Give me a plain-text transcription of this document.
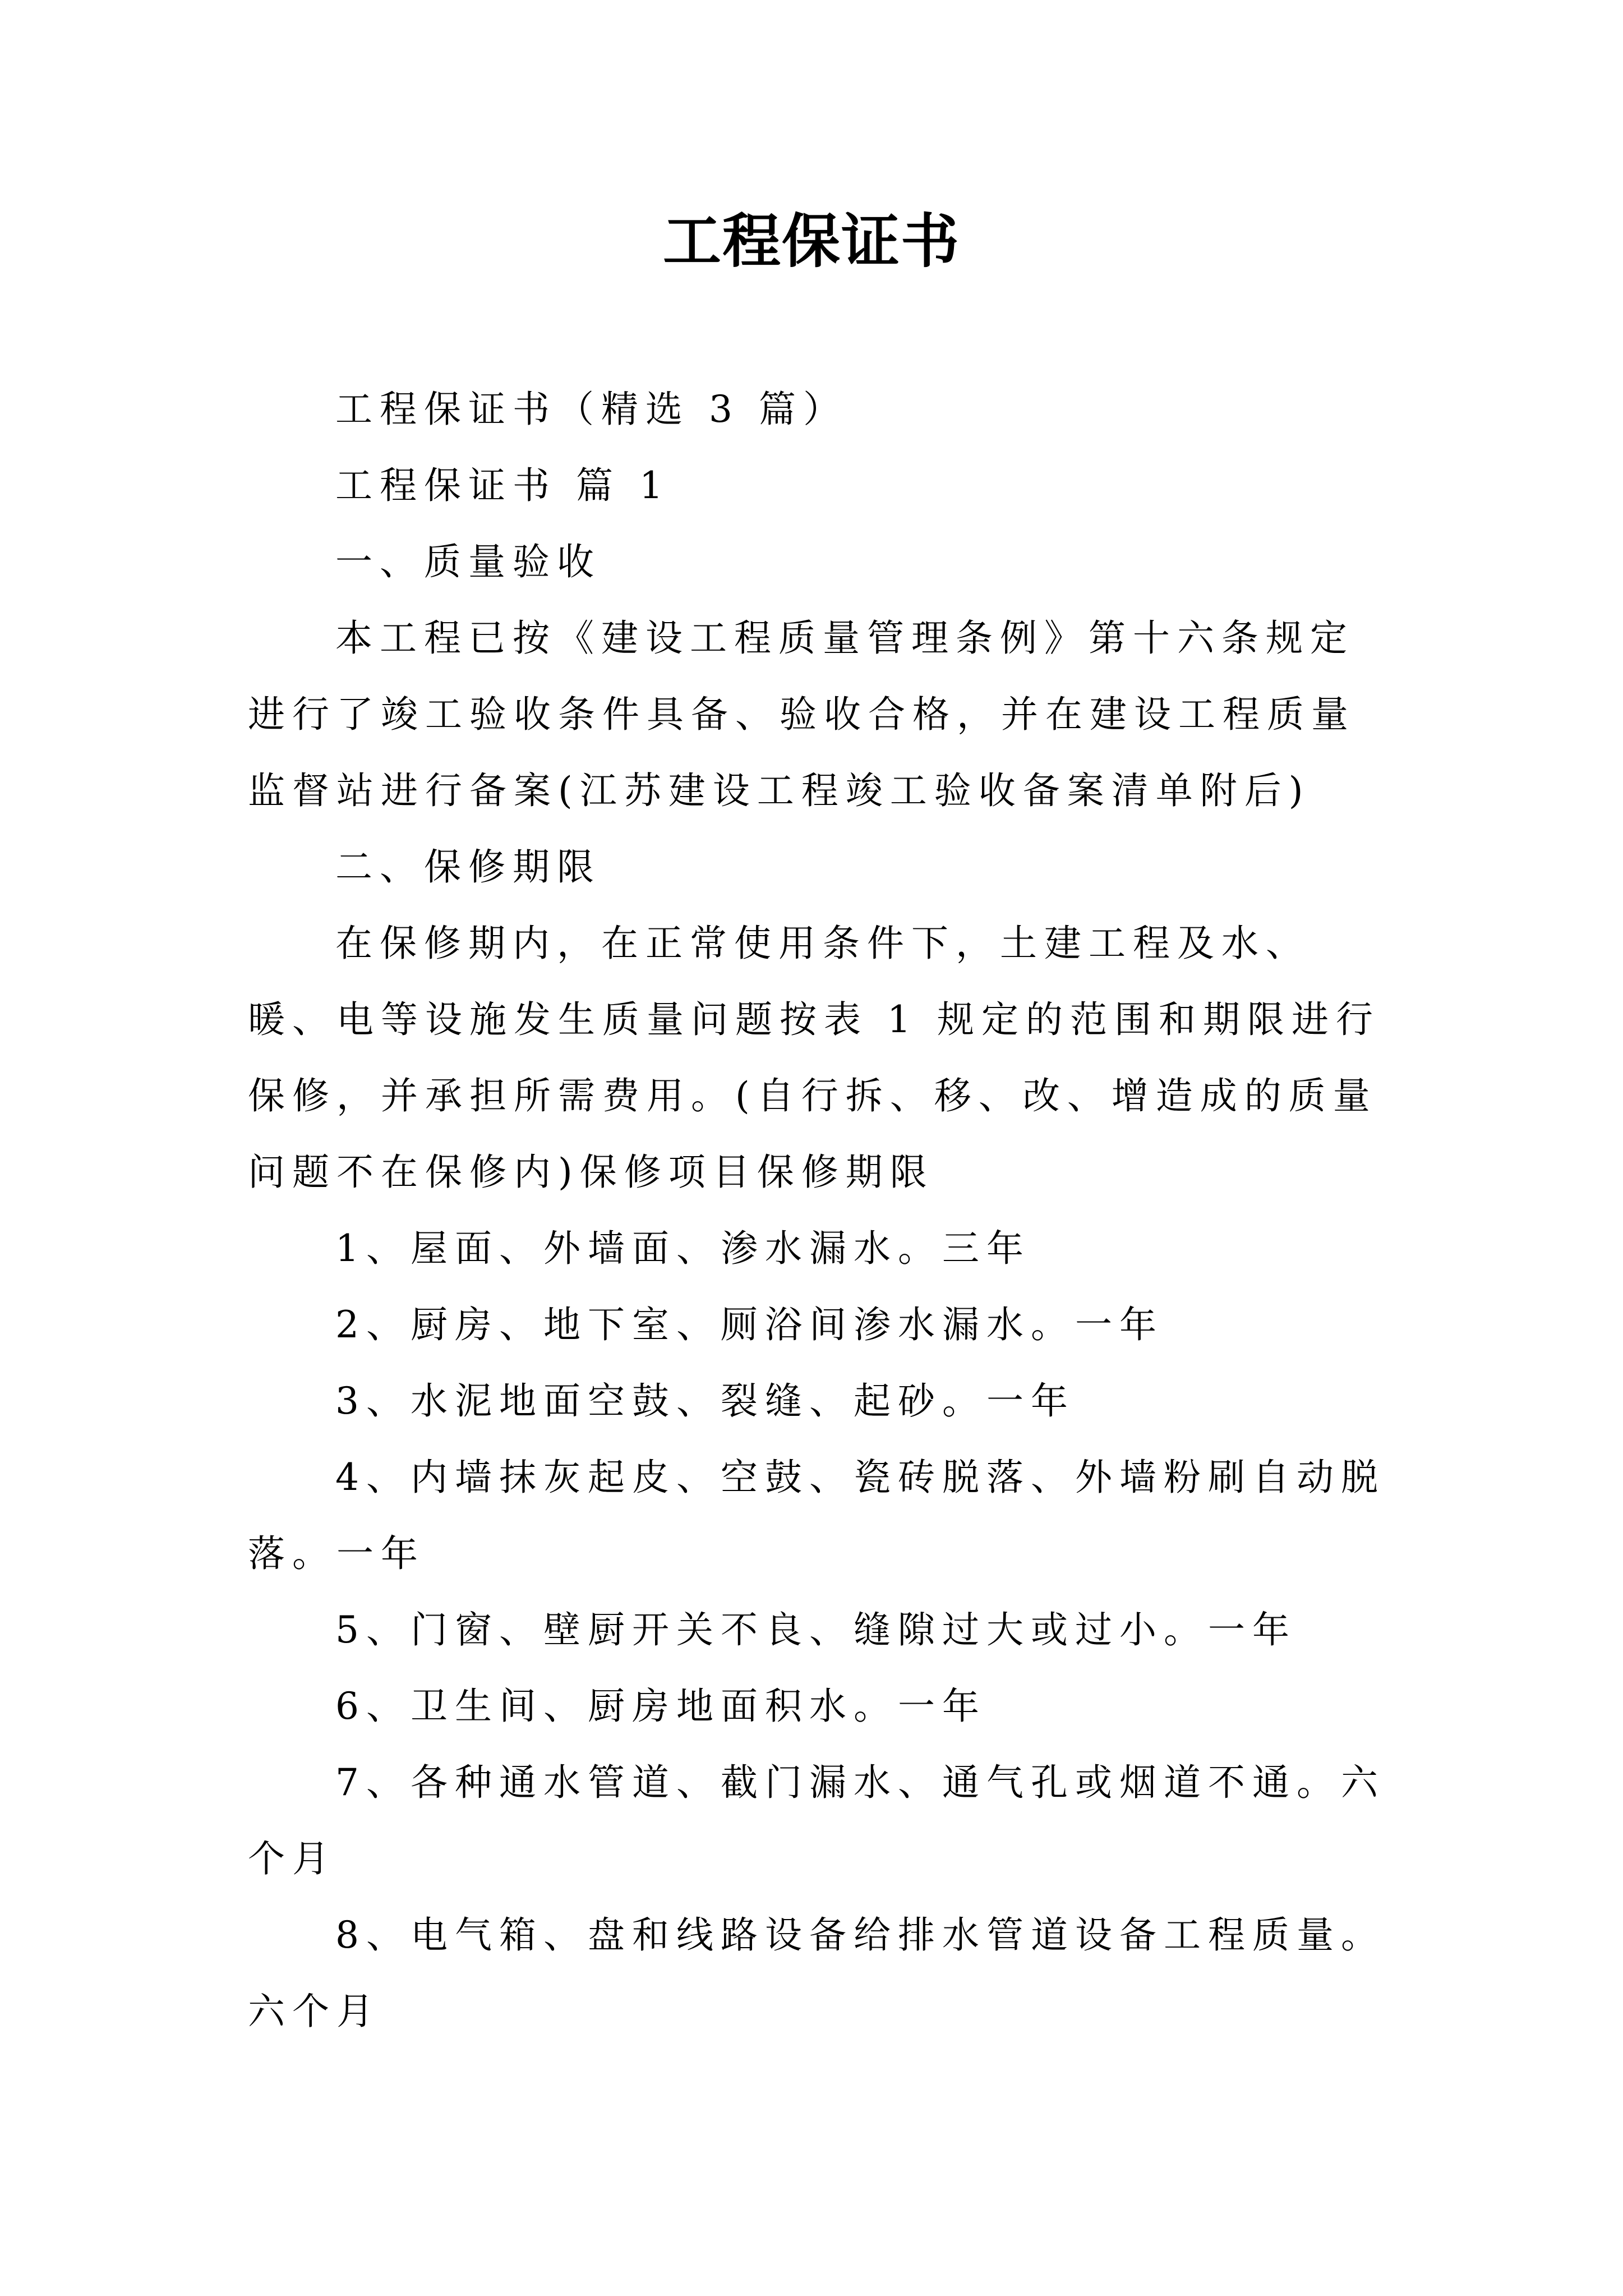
工程保证书

工程保证书（精选 3 篇）

工程保证书 篇 1

一、质量验收

本工程已按《建设工程质量管理条例》第十六条规定进行了竣工验收条件具备、验收合格，并在建设工程质量监督站进行备案(江苏建设工程竣工验收备案清单附后)

二、保修期限

在保修期内，在正常使用条件下，土建工程及水、暖、电等设施发生质量问题按表 1 规定的范围和期限进行保修，并承担所需费用。(自行拆、移、改、增造成的质量问题不在保修内)保修项目保修期限

1、屋面、外墙面、渗水漏水。三年

2、厨房、地下室、厕浴间渗水漏水。一年

3、水泥地面空鼓、裂缝、起砂。一年

4、内墙抹灰起皮、空鼓、瓷砖脱落、外墙粉刷自动脱落。一年

5、门窗、壁厨开关不良、缝隙过大或过小。一年

6、卫生间、厨房地面积水。一年

7、各种通水管道、截门漏水、通气孔或烟道不通。六个月

8、电气箱、盘和线路设备给排水管道设备工程质量。六个月
